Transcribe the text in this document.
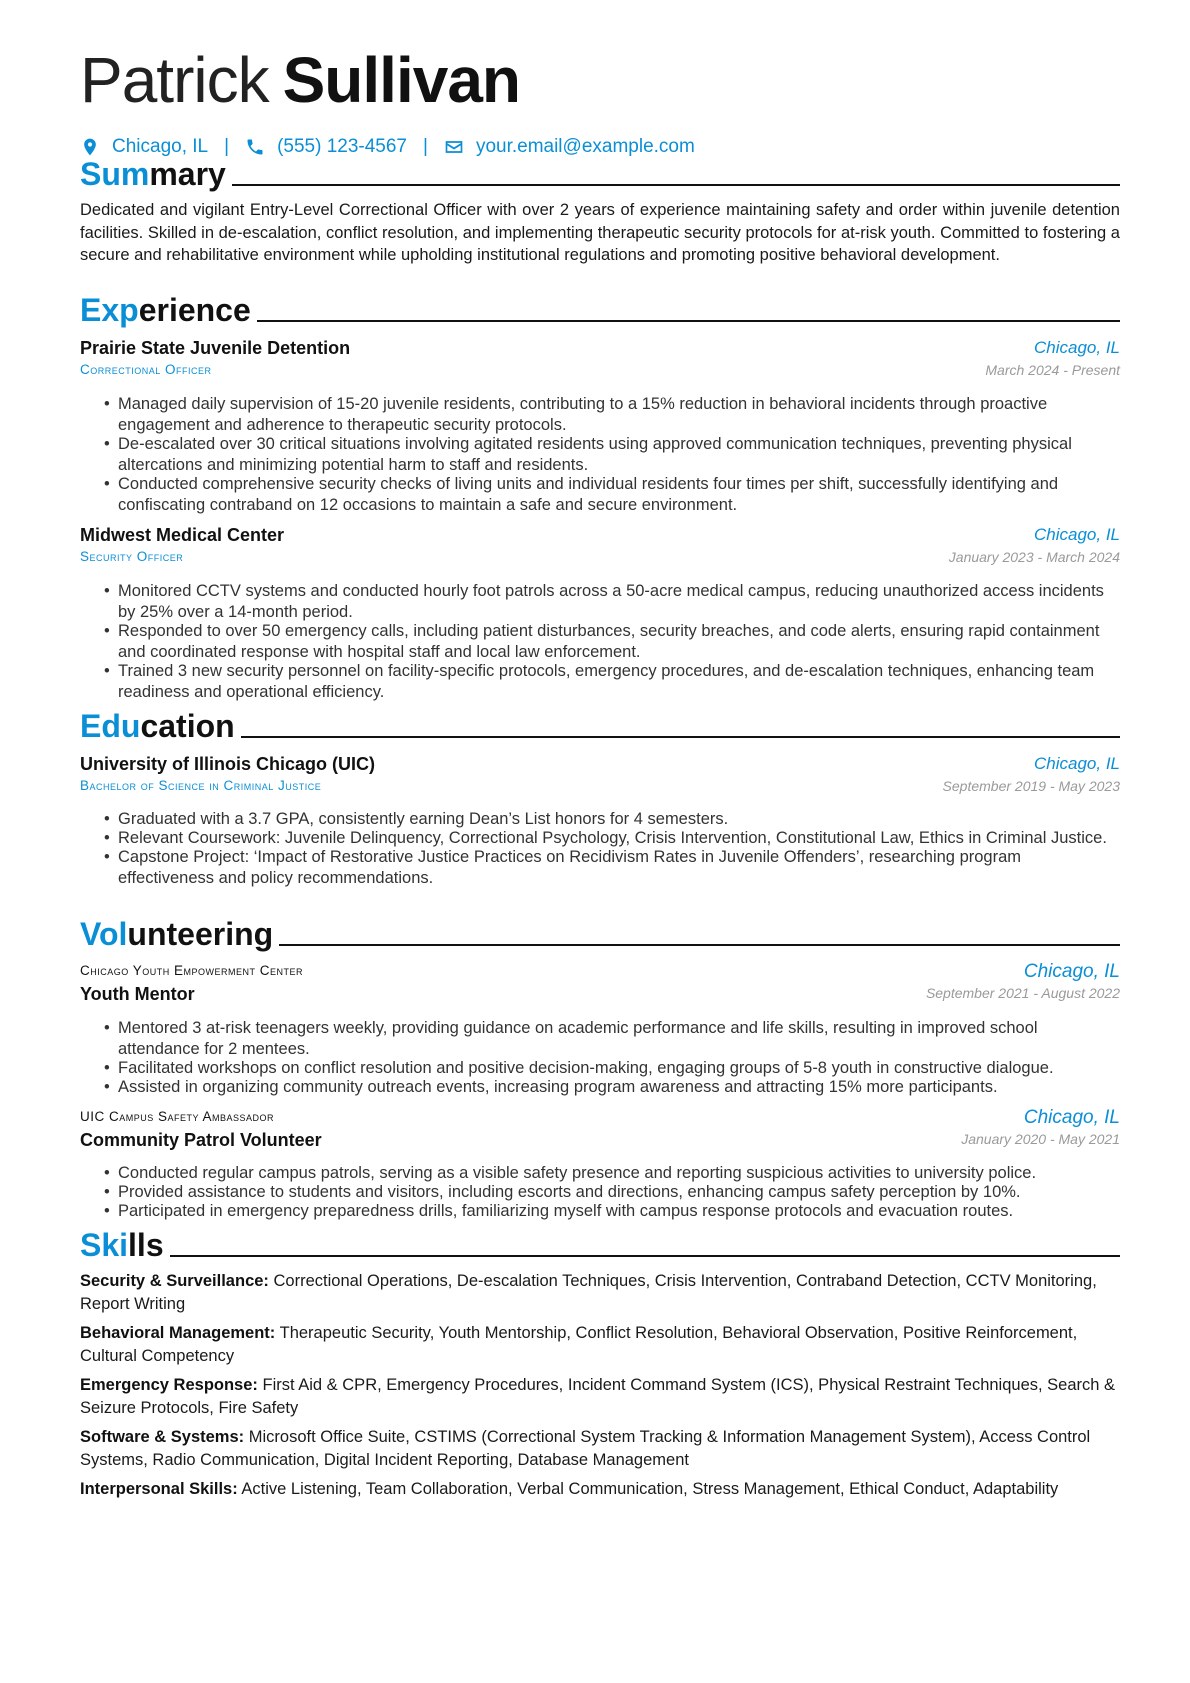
Patrick Sullivan
Chicago, IL |	(555) 123-4567 |	your.email@example.com
Summary
Dedicated and vigilant Entry-Level Correctional Officer with over 2 years of experience maintaining safety and order within juvenile detention facilities. Skilled in de-escalation, conflict resolution, and implementing therapeutic security protocols for at-risk youth. Committed to fostering a secure and rehabilitative environment while upholding institutional regulations and promoting positive behavioral development.
Experience
Prairie State Juvenile Detention	Chicago, IL
Correctional Officer	March 2024 - Present
• Managed daily supervision of 15-20 juvenile residents, contributing to a 15% reduction in behavioral incidents through proactive engagement and adherence to therapeutic security protocols.
• De-escalated over 30 critical situations involving agitated residents using approved communication techniques, preventing physical altercations and minimizing potential harm to staff and residents.
• Conducted comprehensive security checks of living units and individual residents four times per shift, successfully identifying and confiscating contraband on 12 occasions to maintain a safe and secure environment.
Midwest Medical Center	Chicago, IL
Security Officer	January 2023 - March 2024
• Monitored CCTV systems and conducted hourly foot patrols across a 50-acre medical campus, reducing unauthorized access incidents by 25% over a 14-month period.
• Responded to over 50 emergency calls, including patient disturbances, security breaches, and code alerts, ensuring rapid containment and coordinated response with hospital staff and local law enforcement.
• Trained 3 new security personnel on facility-specific protocols, emergency procedures, and de-escalation techniques, enhancing team readiness and operational efficiency.
Education
University of Illinois Chicago (UIC)	Chicago, IL
Bachelor of Science in Criminal Justice	September 2019 - May 2023
• Graduated with a 3.7 GPA, consistently earning Dean’s List honors for 4 semesters.
• Relevant Coursework: Juvenile Delinquency, Correctional Psychology, Crisis Intervention, Constitutional Law, Ethics in Criminal Justice.
• Capstone Project: ‘Impact of Restorative Justice Practices on Recidivism Rates in Juvenile Offenders’, researching program effectiveness and policy recommendations.
Volunteering
Chicago Youth Empowerment Center	Chicago, IL
Youth Mentor	September 2021 - August 2022
• Mentored 3 at-risk teenagers weekly, providing guidance on academic performance and life skills, resulting in improved school attendance for 2 mentees.
• Facilitated workshops on conflict resolution and positive decision-making, engaging groups of 5-8 youth in constructive dialogue.
• Assisted in organizing community outreach events, increasing program awareness and attracting 15% more participants.
UIC Campus Safety Ambassador	Chicago, IL
Community Patrol Volunteer	January 2020 - May 2021
• Conducted regular campus patrols, serving as a visible safety presence and reporting suspicious activities to university police.
• Provided assistance to students and visitors, including escorts and directions, enhancing campus safety perception by 10%.
• Participated in emergency preparedness drills, familiarizing myself with campus response protocols and evacuation routes.
Skills
Security & Surveillance: Correctional Operations, De-escalation Techniques, Crisis Intervention, Contraband Detection, CCTV Monitoring, Report Writing
Behavioral Management: Therapeutic Security, Youth Mentorship, Conflict Resolution, Behavioral Observation, Positive Reinforcement, Cultural Competency
Emergency Response: First Aid & CPR, Emergency Procedures, Incident Command System (ICS), Physical Restraint Techniques, Search & Seizure Protocols, Fire Safety
Software & Systems: Microsoft Office Suite, CSTIMS (Correctional System Tracking & Information Management System), Access Control Systems, Radio Communication, Digital Incident Reporting, Database Management
Interpersonal Skills: Active Listening, Team Collaboration, Verbal Communication, Stress Management, Ethical Conduct, Adaptability
